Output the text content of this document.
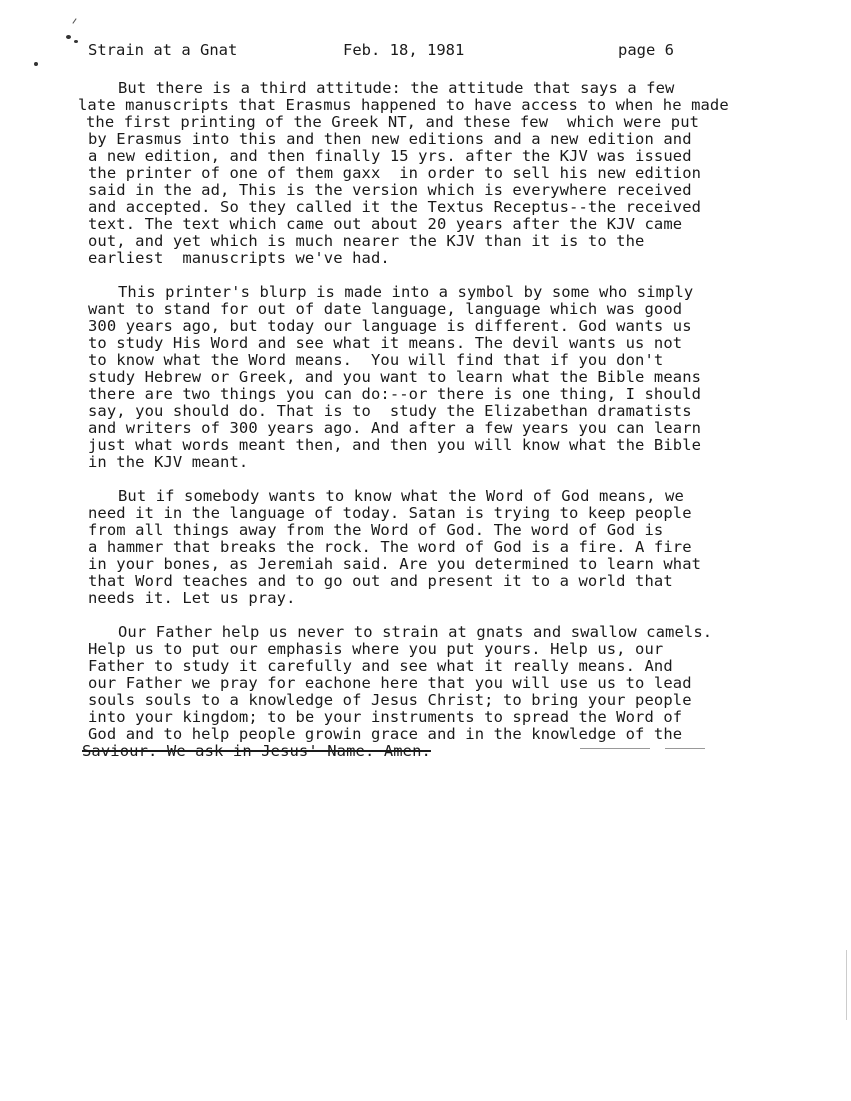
Strain at a Gnat	Feb. 18, 1981	page 6
But there is a third attitude: the attitude that says a few
late manuscripts that Erasmus happened to have access to when he made
the first printing of the Greek NT, and these few  which were put
by Erasmus into this and then new editions and a new edition and
a new edition, and then finally 15 yrs. after the KJV was issued
the printer of one of them gaxx  in order to sell his new edition
said in the ad, This is the version which is everywhere received
and accepted. So they called it the Textus Receptus--the received
text. The text which came out about 20 years after the KJV came
out, and yet which is much nearer the KJV than it is to the
earliest  manuscripts we've had.
This printer's blurp is made into a symbol by some who simply
want to stand for out of date language, language which was good
300 years ago, but today our language is different. God wants us
to study His Word and see what it means. The devil wants us not
to know what the Word means.  You will find that if you don't
study Hebrew or Greek, and you want to learn what the Bible means
there are two things you can do:--or there is one thing, I should
say, you should do. That is to  study the Elizabethan dramatists
and writers of 300 years ago. And after a few years you can learn
just what words meant then, and then you will know what the Bible
in the KJV meant.
But if somebody wants to know what the Word of God means, we
need it in the language of today. Satan is trying to keep people
from all things away from the Word of God. The word of God is
a hammer that breaks the rock. The word of God is a fire. A fire
in your bones, as Jeremiah said. Are you determined to learn what
that Word teaches and to go out and present it to a world that
needs it. Let us pray.
Our Father help us never to strain at gnats and swallow camels.
Help us to put our emphasis where you put yours. Help us, our
Father to study it carefully and see what it really means. And
our Father we pray for eachone here that you will use us to lead
souls souls to a knowledge of Jesus Christ; to bring your people
into your kingdom; to be your instruments to spread the Word of
God and to help people growin grace and in the knowledge of the
Saviour. We ask in Jesus' Name. Amen.
